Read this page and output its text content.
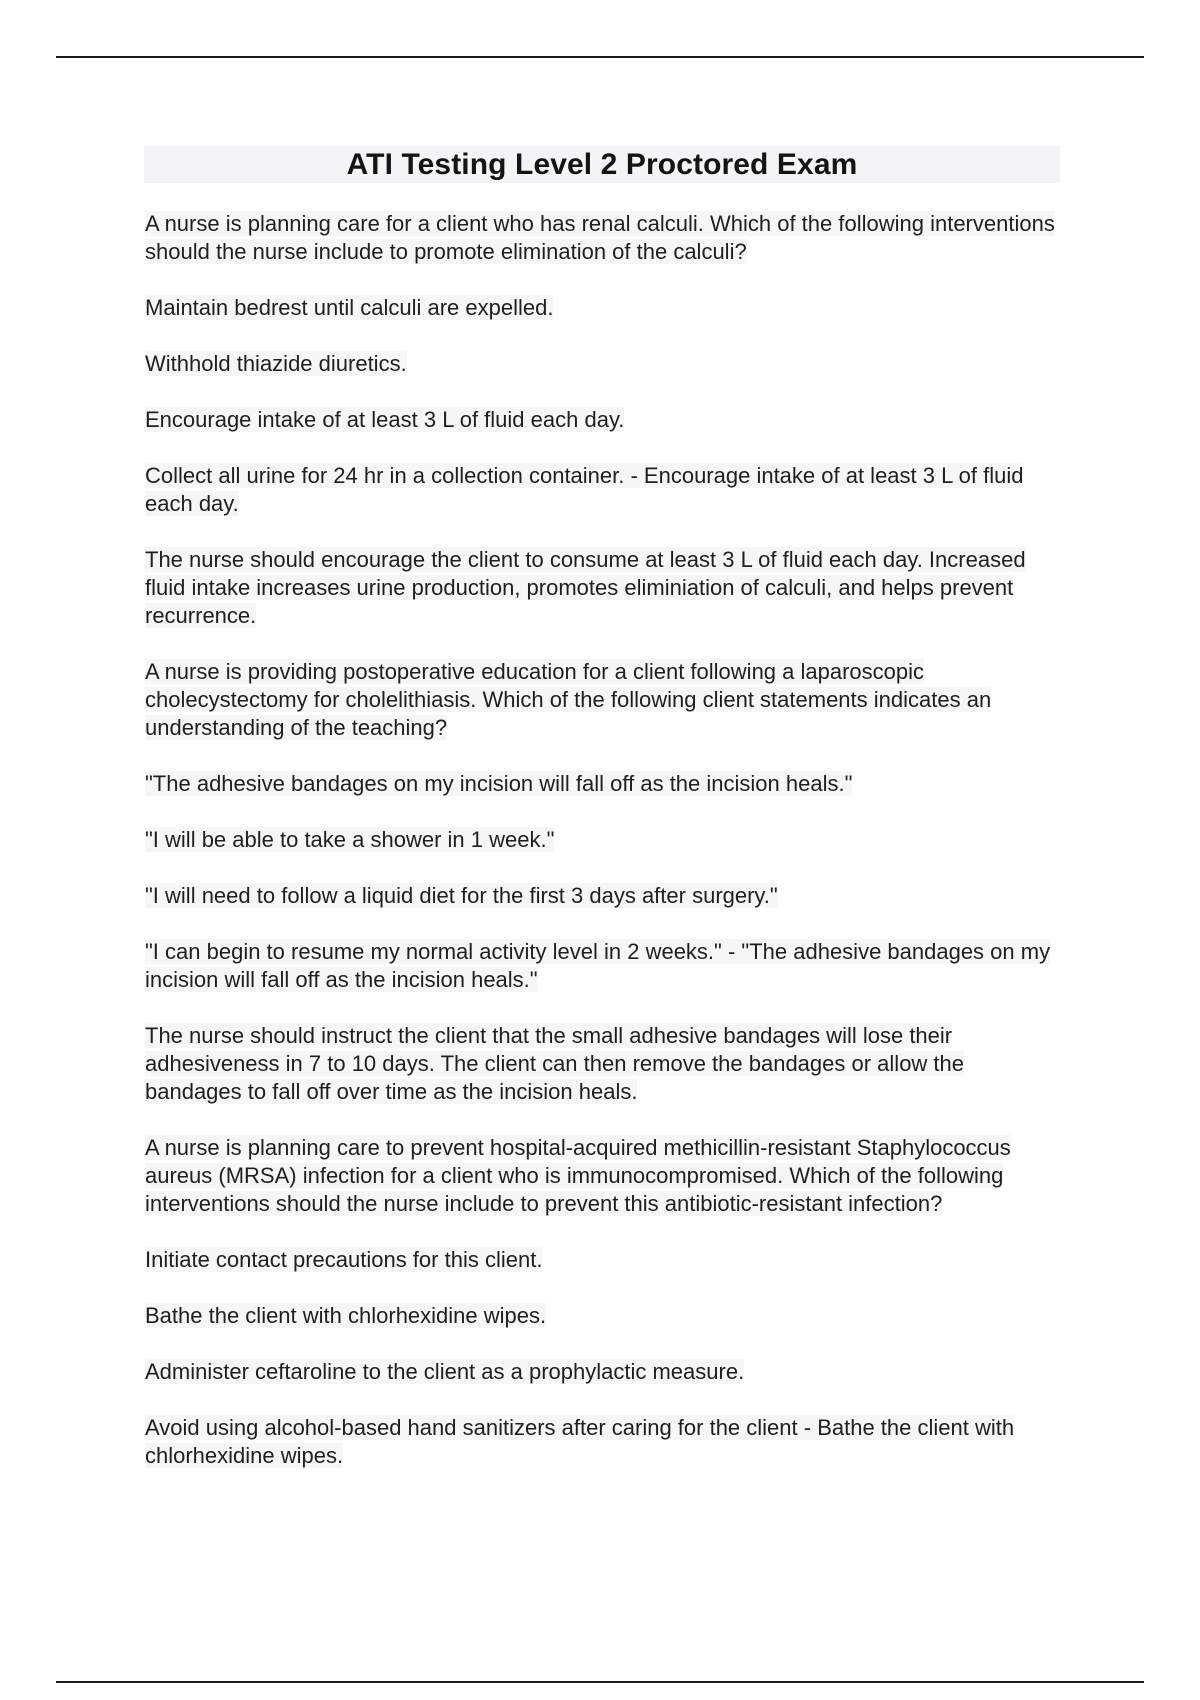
ATI Testing Level 2 Proctored Exam

A nurse is planning care for a client who has renal calculi. Which of the following interventions should the nurse include to promote elimination of the calculi?

Maintain bedrest until calculi are expelled.

Withhold thiazide diuretics.

Encourage intake of at least 3 L of fluid each day.

Collect all urine for 24 hr in a collection container. - Encourage intake of at least 3 L of fluid each day.

The nurse should encourage the client to consume at least 3 L of fluid each day. Increased fluid intake increases urine production, promotes eliminiation of calculi, and helps prevent recurrence.

A nurse is providing postoperative education for a client following a laparoscopic cholecystectomy for cholelithiasis. Which of the following client statements indicates an understanding of the teaching?

"The adhesive bandages on my incision will fall off as the incision heals."

"I will be able to take a shower in 1 week."

"I will need to follow a liquid diet for the first 3 days after surgery."

"I can begin to resume my normal activity level in 2 weeks." - "The adhesive bandages on my incision will fall off as the incision heals."

The nurse should instruct the client that the small adhesive bandages will lose their adhesiveness in 7 to 10 days. The client can then remove the bandages or allow the bandages to fall off over time as the incision heals.

A nurse is planning care to prevent hospital-acquired methicillin-resistant Staphylococcus aureus (MRSA) infection for a client who is immunocompromised. Which of the following interventions should the nurse include to prevent this antibiotic-resistant infection?

Initiate contact precautions for this client.

Bathe the client with chlorhexidine wipes.

Administer ceftaroline to the client as a prophylactic measure.

Avoid using alcohol-based hand sanitizers after caring for the client - Bathe the client with chlorhexidine wipes.
